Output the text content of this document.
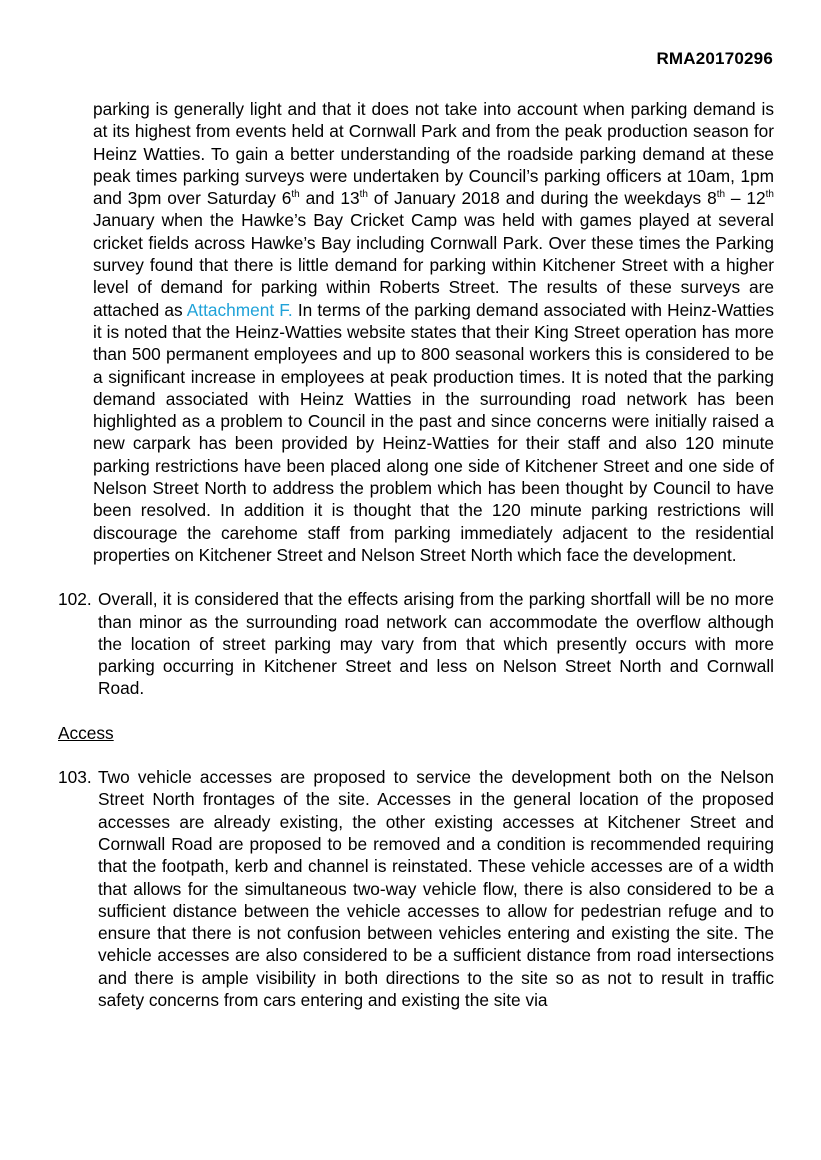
RMA20170296

parking is generally light and that it does not take into account when parking demand is at its highest from events held at Cornwall Park and from the peak production season for Heinz Watties. To gain a better understanding of the roadside parking demand at these peak times parking surveys were undertaken by Council’s parking officers at 10am, 1pm and 3pm over Saturday 6th and 13th of January 2018 and during the weekdays 8th – 12th January when the Hawke’s Bay Cricket Camp was held with games played at several cricket fields across Hawke’s Bay including Cornwall Park. Over these times the Parking survey found that there is little demand for parking within Kitchener Street with a higher level of demand for parking within Roberts Street. The results of these surveys are attached as Attachment F. In terms of the parking demand associated with Heinz-Watties it is noted that the Heinz-Watties website states that their King Street operation has more than 500 permanent employees and up to 800 seasonal workers this is considered to be a significant increase in employees at peak production times. It is noted that the parking demand associated with Heinz Watties in the surrounding road network has been highlighted as a problem to Council in the past and since concerns were initially raised a new carpark has been provided by Heinz-Watties for their staff and also 120 minute parking restrictions have been placed along one side of Kitchener Street and one side of Nelson Street North to address the problem which has been thought by Council to have been resolved. In addition it is thought that the 120 minute parking restrictions will discourage the carehome staff from parking immediately adjacent to the residential properties on Kitchener Street and Nelson Street North which face the development.

102. Overall, it is considered that the effects arising from the parking shortfall will be no more than minor as the surrounding road network can accommodate the overflow although the location of street parking may vary from that which presently occurs with more parking occurring in Kitchener Street and less on Nelson Street North and Cornwall Road.

Access

103. Two vehicle accesses are proposed to service the development both on the Nelson Street North frontages of the site. Accesses in the general location of the proposed accesses are already existing, the other existing accesses at Kitchener Street and Cornwall Road are proposed to be removed and a condition is recommended requiring that the footpath, kerb and channel is reinstated. These vehicle accesses are of a width that allows for the simultaneous two-way vehicle flow, there is also considered to be a sufficient distance between the vehicle accesses to allow for pedestrian refuge and to ensure that there is not confusion between vehicles entering and existing the site. The vehicle accesses are also considered to be a sufficient distance from road intersections and there is ample visibility in both directions to the site so as not to result in traffic safety concerns from cars entering and existing the site via
